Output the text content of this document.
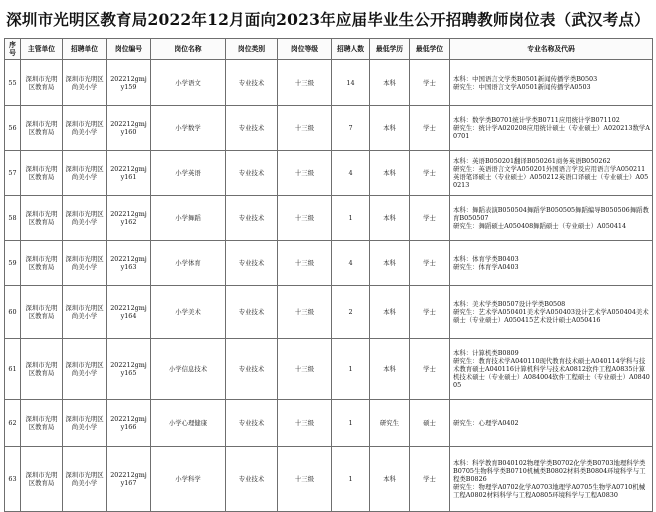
深圳市光明区教育局2022年12月面向2023年应届毕业生公开招聘教师岗位表（武汉考点）
序号	主管单位	招聘单位	岗位编号	岗位名称	岗位类别	岗位等级	招聘人数	最低学历	最低学位	专业名称及代码
55	深圳市光明区教育局	深圳市光明区尚美小学	202212gmjy159	小学语文	专业技术	十三级	14	本科	学士	本科：中国语言文学类B0501新闻传播学类B0503
研究生：中国语言文学A0501新闻传播学A0503

56	深圳市光明区教育局	深圳市光明区尚美小学	202212gmjy160	小学数学	专业技术	十三级	7	本科	学士	本科：数学类B0701统计学类B0711应用统计学B071102
研究生：统计学A020208应用统计硕士（专业硕士）A020213数学A0701

57	深圳市光明区教育局	深圳市光明区尚美小学	202212gmjy161	小学英语	专业技术	十三级	4	本科	学士	本科：英语B050201翻译B050261商务英语B050262
研究生：英语语言文学A050201外国语言学及应用语言学A050211英语笔译硕士（专业硕士）A050212英语口译硕士（专业硕士）A050213

58	深圳市光明区教育局	深圳市光明区尚美小学	202212gmjy162	小学舞蹈	专业技术	十三级	1	本科	学士	本科：舞蹈表演B050504舞蹈学B050505舞蹈编导B050506舞蹈教育B050507
研究生：舞蹈硕士A050408舞蹈硕士（专业硕士）A050414

59	深圳市光明区教育局	深圳市光明区尚美小学	202212gmjy163	小学体育	专业技术	十三级	4	本科	学士	本科：体育学类B0403
研究生：体育学A0403

60	深圳市光明区教育局	深圳市光明区尚美小学	202212gmjy164	小学美术	专业技术	十三级	2	本科	学士	本科：美术学类B0507设计学类B0508
研究生：艺术学A050401美术学A050403设计艺术学A050404美术硕士（专业硕士）A050415艺术设计硕士A050416

61	深圳市光明区教育局	深圳市光明区尚美小学	202212gmjy165	小学信息技术	专业技术	十三级	1	本科	学士	本科：计算机类B0809
研究生：教育技术学A040110现代教育技术硕士A040114学科与技术教育硕士A040116计算机科学与技术A0812软件工程A0835计算机技术硕士（专业硕士）A084004软件工程硕士（专业硕士）A084005

62	深圳市光明区教育局	深圳市光明区尚美小学	202212gmjy166	小学心理健康	专业技术	十三级	1	研究生	硕士	研究生：心理学A0402

63	深圳市光明区教育局	深圳市光明区尚美小学	202212gmjy167	小学科学	专业技术	十三级	1	本科	学士	本科：科学教育B040102物理学类B0702化学类B0703地理科学类B0705生物科学类B0710机械类B0802材料类B0804环境科学与工程类B0826
研究生：物理学A0702化学A0703地理学A0705生物学A0710机械工程A0802材料科学与工程A0805环境科学与工程A0830
